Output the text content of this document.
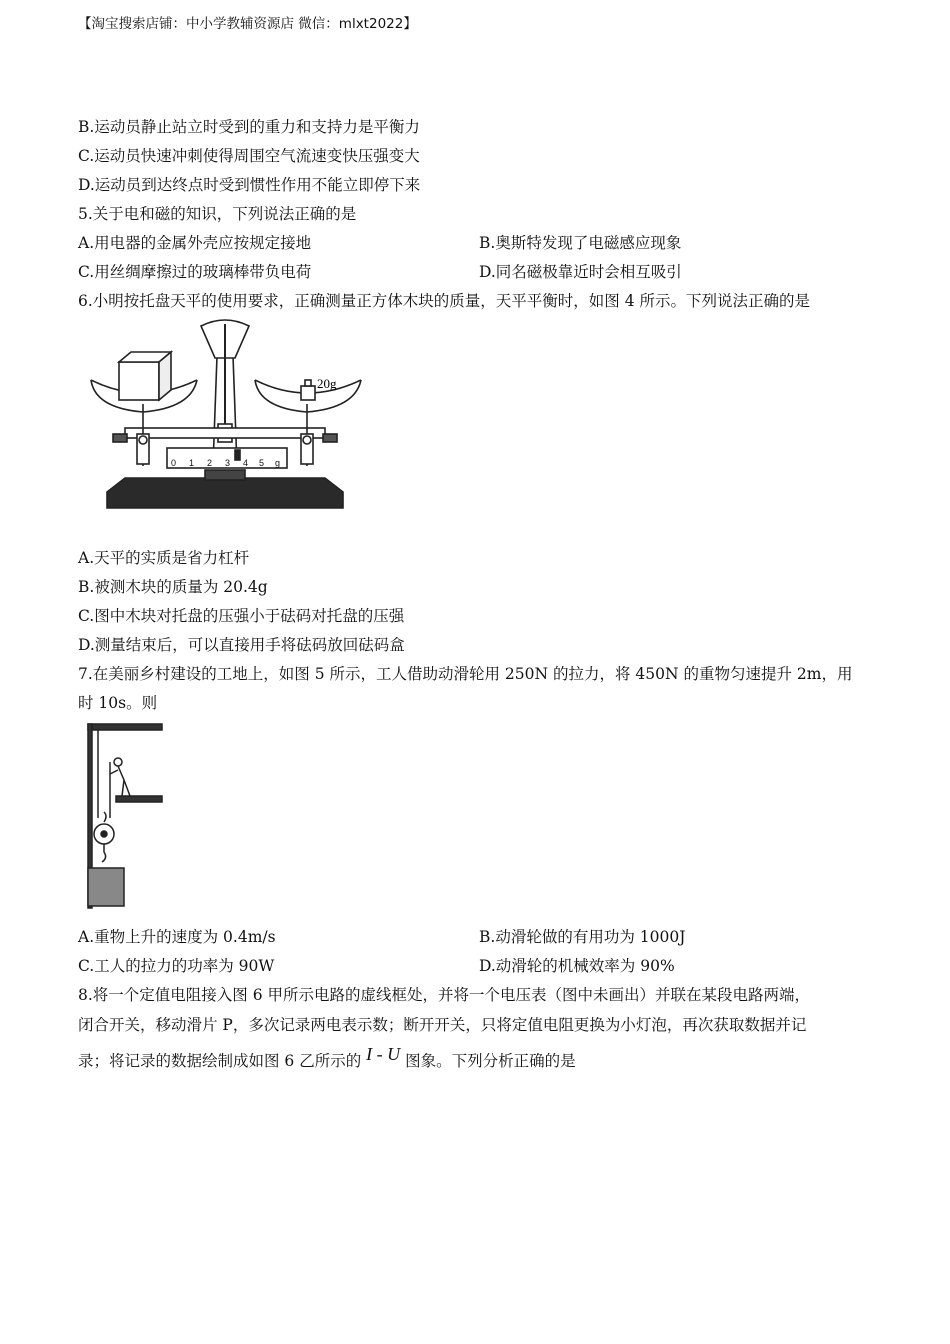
【淘宝搜索店铺：中小学教辅资源店 微信：mlxt2022】
B.运动员静止站立时受到的重力和支持力是平衡力
C.运动员快速冲刺使得周围空气流速变快压强变大
D.运动员到达终点时受到惯性作用不能立即停下来
5.关于电和磁的知识，下列说法正确的是
A.用电器的金属外壳应按规定接地	B.奥斯特发现了电磁感应现象
C.用丝绸摩擦过的玻璃棒带负电荷	D.同名磁极靠近时会相互吸引
6.小明按托盘天平的使用要求，正确测量正方体木块的质量，天平平衡时，如图 4 所示。下列说法正确的是
20g
0 1 2 3 4 5 g
A.天平的实质是省力杠杆
B.被测木块的质量为 20.4g
C.图中木块对托盘的压强小于砝码对托盘的压强
D.测量结束后，可以直接用手将砝码放回砝码盒
7.在美丽乡村建设的工地上，如图 5 所示，工人借助动滑轮用 250N 的拉力，将 450N 的重物匀速提升 2m，用
时 10s。则
A.重物上升的速度为 0.4m/s	B.动滑轮做的有用功为 1000J
C.工人的拉力的功率为 90W	D.动滑轮的机械效率为 90%
8.将一个定值电阻接入图 6 甲所示电路的虚线框处，并将一个电压表（图中未画出）并联在某段电路两端，
闭合开关，移动滑片 P，多次记录两电表示数；断开开关，只将定值电阻更换为小灯泡，再次获取数据并记
录；将记录的数据绘制成如图 6 乙所示的 I - U 图象。下列分析正确的是
